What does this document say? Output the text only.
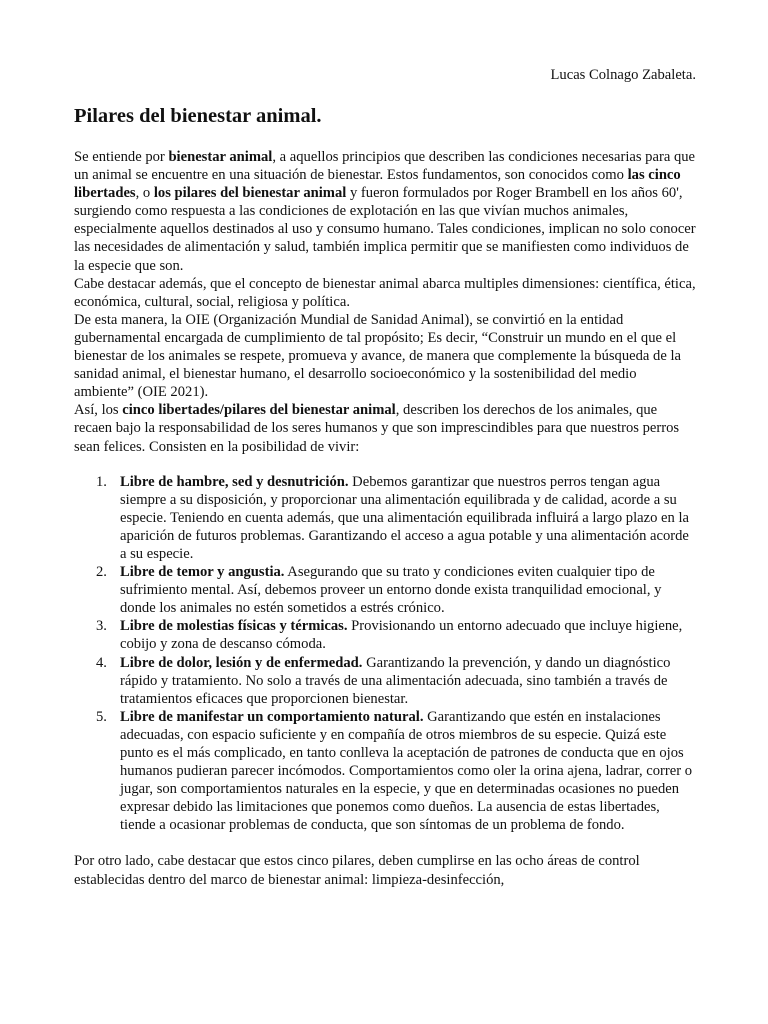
Lucas Colnago Zabaleta.
Pilares del bienestar animal.

Se entiende por bienestar animal, a aquellos principios que describen las condiciones necesarias para que un animal se encuentre en una situación de bienestar. Estos fundamentos, son conocidos como las cinco libertades, o los pilares del bienestar animal y fueron formulados por Roger Brambell en los años 60', surgiendo como respuesta a las condiciones de explotación en las que vivían muchos animales, especialmente aquellos destinados al uso y consumo humano. Tales condiciones, implican no solo conocer las necesidades de alimentación y salud, también implica permitir que se manifiesten como individuos de la especie que son.

Cabe destacar además, que el concepto de bienestar animal abarca multiples dimensiones: científica, ética, económica, cultural, social, religiosa y política.

De esta manera, la OIE (Organización Mundial de Sanidad Animal), se convirtió en la entidad gubernamental encargada de cumplimiento de tal propósito; Es decir, “Construir un mundo en el que el bienestar de los animales se respete, promueva y avance, de manera que complemente la búsqueda de la sanidad animal, el bienestar humano, el desarrollo socioeconómico y la sostenibilidad del medio ambiente” (OIE 2021).

Así, los cinco libertades/pilares del bienestar animal, describen los derechos de los animales, que recaen bajo la responsabilidad de los seres humanos y que son imprescindibles para que nuestros perros sean felices. Consisten en la posibilidad de vivir:

1. Libre de hambre, sed y desnutrición. Debemos garantizar que nuestros perros tengan agua siempre a su disposición, y proporcionar una alimentación equilibrada y de calidad, acorde a su especie. Teniendo en cuenta además, que una alimentación equilibrada influirá a largo plazo en la aparición de futuros problemas. Garantizando el acceso a agua potable y una alimentación acorde a su especie.
2. Libre de temor y angustia. Asegurando que su trato y condiciones eviten cualquier tipo de sufrimiento mental. Así, debemos proveer un entorno donde exista tranquilidad emocional, y donde los animales no estén sometidos a estrés crónico.
3. Libre de molestias físicas y térmicas. Provisionando un entorno adecuado que incluye higiene, cobijo y zona de descanso cómoda.
4. Libre de dolor, lesión y de enfermedad. Garantizando la prevención, y dando un diagnóstico rápido y tratamiento. No solo a través de una alimentación adecuada, sino también a través de tratamientos eficaces que proporcionen bienestar.
5. Libre de manifestar un comportamiento natural. Garantizando que estén en instalaciones adecuadas, con espacio suficiente y en compañía de otros miembros de su especie. Quizá este punto es el más complicado, en tanto conlleva la aceptación de patrones de conducta que en ojos humanos pudieran parecer incómodos. Comportamientos como oler la orina ajena, ladrar, correr o jugar, son comportamientos naturales en la especie, y que en determinadas ocasiones no pueden expresar debido las limitaciones que ponemos como dueños. La ausencia de estas libertades, tiende a ocasionar problemas de conducta, que son síntomas de un problema de fondo.

Por otro lado, cabe destacar que estos cinco pilares, deben cumplirse en las ocho áreas de control establecidas dentro del marco de bienestar animal: limpieza-desinfección,
